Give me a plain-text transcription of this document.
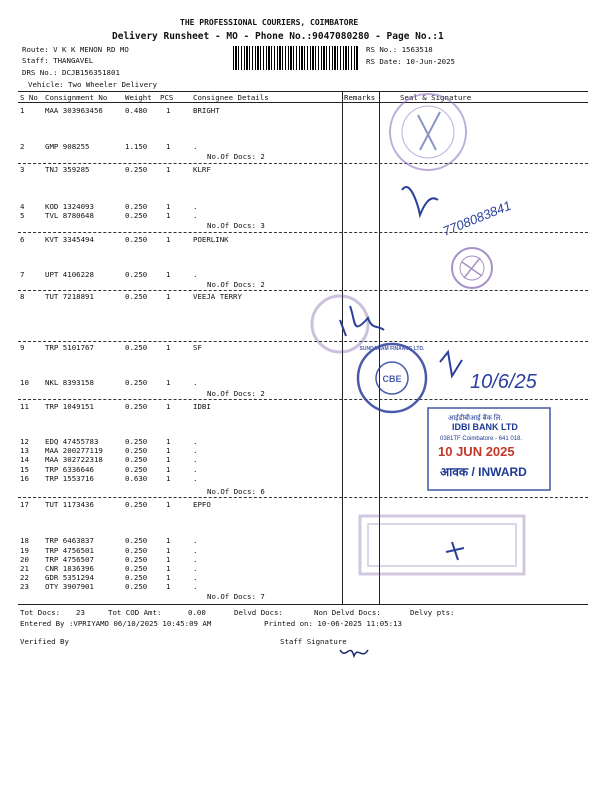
THE PROFESSIONAL COURIERS, COIMBATORE
Delivery Runsheet - MO - Phone No.:9047080280 - Page No.:1
Route: V K K MENON RD MO
Staff: THANGAVEL
DRS No.: DCJB156351801
Vehicle: Two Wheeler Delivery
RS No.: 1563518
RS Date: 10-Jun-2025
S No Consignment No Weight PCS	Consignee Details	Remarks	Seal & Signature
1	MAA 303963456	0.480	1	BRIGHT
2	GMP 908255	1.150	1	.
3	TNJ 359285	0.250	1	KLRF
4	KOD 1324093	0.250	1	.
5	TVL 8780648	0.250	1	.
6	KVT 3345494	0.250	1	POERLINK
7	UPT 4106228	0.250	1	.
8	TUT 7218891	0.250	1	VEEJA TERRY
9	TRP 5101767	0.250	1	SF
10 NKL 8393158	0.250	1	.
11 TRP 1049151	0.250	1	IDBI
12 EDQ 47455783	0.250	1	.
13 MAA 200277119	0.250	1	.
14 MAA 302722318	0.250	1	.
15 TRP 6336646	0.250	1	.
16 TRP 1553716	0.630	1	.
17 TUT 1173436	0.250	1	EPFO
18 TRP 6463837	0.250	1	.
19 TRP 4756501	0.250	1	.
20 TRP 4756507	0.250	1	.
21 CNR 1836396	0.250	1	.
22 GDR 5351294	0.250	1	.
23 OTY 3907901	0.250	1	.
No.Of Docs: 2
No.Of Docs: 3
No.Of Docs: 2
No.Of Docs: 2
No.Of Docs: 6
No.Of Docs: 7
Tot Docs: 23	Tot COD Amt:	0.00	Delvd Docs:	Non Delvd Docs:	Delvy pts:
Entered By :VPRIYAMO 06/10/2025 10:45:09 AM	Printed on: 10-06-2025 11:05:13
Verified By	Staff Signature
7708083841
CBE
SUNDARAM FINANCE LTD.
10/6/25
आईडीबीआई बैंक लि.
IDBI BANK LTD
0381TF Coimbatore - 641 018.
10 JUN 2025
आवक / INWARD
